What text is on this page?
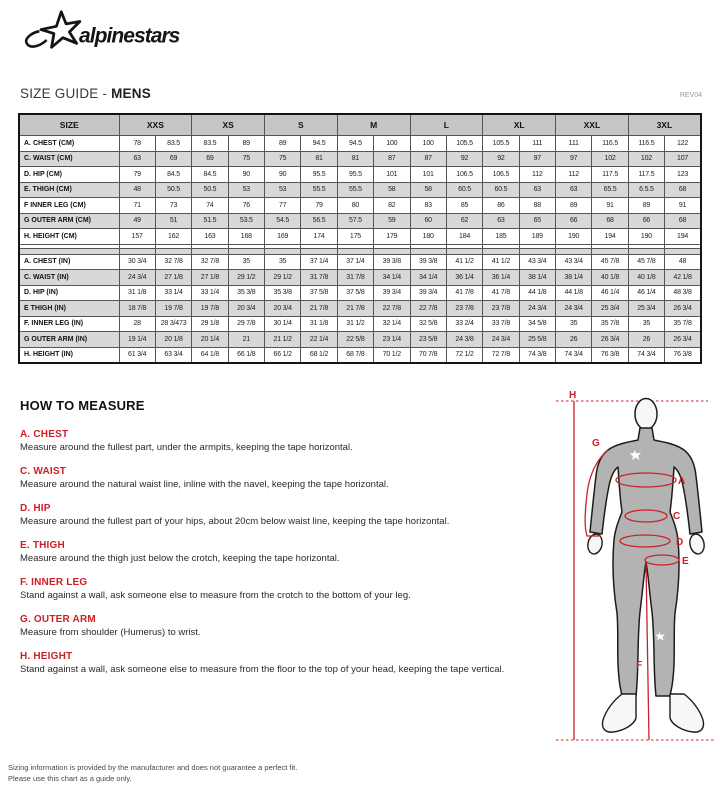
alpinestars
SIZE GUIDE - MENS	REV04
SIZE	XXS		XS		S		M		L		XL		XXL		3XL	
A. CHEST (CM)	78	83.5	83.5	89	89	94.5	94.5	100	100	105.5	105.5	111	111	116.5	116.5	122
C. WAIST (CM)	63	69	69	75	75	81	81	87	87	92	92	97	97	102	102	107
D. HIP (CM)	79	84.5	84.5	90	90	95.5	95.5	101	101	106.5	106.5	112	112	117.5	117.5	123
E. THIGH (CM)	48	50.5	50.5	53	53	55.5	55.5	58	58	60.5	60.5	63	63	65.5	6.5.5	68
F INNER LEG (CM)	71	73	74	76	77	79	80	82	83	85	86	88	89	91	89	91
G OUTER ARM (CM)	49	51	51.5	53.5	54.5	56.5	57.5	59	60	62	63	65	66	68	66	68
H. HEIGHT (CM)	157	162	163	168	169	174	175	179	180	184	185	189	190	194	190	194

A. CHEST (IN)	30 3/4	32 7/8	32 7/8	35	35	37 1/4	37 1/4	39 3/8	39 3/8	41 1/2	41 1/2	43 3/4	43 3/4	45 7/8	45 7/8	48
C. WAIST (IN)	24 3/4	27 1/8	27 1/8	29 1/2	29 1/2	31 7/8	31 7/8	34 1/4	34 1/4	36 1/4	36 1/4	38 1/4	38 1/4	40 1/8	40 1/8	42 1/8
D. HIP (IN)	31 1/8	33 1/4	33 1/4	35 3/8	35 3/8	37 5/8	37 5/8	39 3/4	39 3/4	41 7/8	41 7/8	44 1/8	44 1/8	46 1/4	46 1/4	48 3/8
E THIGH (IN)	18 7/8	19 7/8	19 7/8	20 3/4	20 3/4	21 7/8	21 7/8	22 7/8	22 7/8	23 7/8	23 7/8	24 3/4	24 3/4	25 3/4	25 3/4	26 3/4
F. INNER LEG (IN)	28	28 3/473	29 1/8	29 7/8	30 1/4	31 1/8	31 1/2	32 1/4	32 5/8	33 2/4	33 7/8	34 5/8	35	35 7/8	35	35 7/8
G OUTER ARM (IN)	19 1/4	20 1/8	20 1/4	21	21 1/2	22 1/4	22 5/8	23 1/4	23 5/8	24 3/8	24 3/4	25 5/8	26	26 3/4	26	26 3/4
H. HEIGHT (IN)	61 3/4	63 3/4	64 1/8	66 1/8	66 1/2	68 1/2	68 7/8	70 1/2	70 7/8	72 1/2	72 7/8	74 3/8	74 3/4	76 3/8	74 3/4	76 3/8
HOW TO MEASURE
A. CHEST

Measure around the fullest part, under the armpits, keeping the tape horizontal.

C. WAIST

Measure around the natural waist line, inline with the navel, keeping the tape horizontal.

D. HIP

Measure around the fullest part of your hips, about 20cm below waist line, keeping the tape horizontal.

E. THIGH

Measure around the thigh just below the crotch, keeping the tape horizontal.

F. INNER LEG

Stand against a wall, ask someone else to measure from the crotch to the bottom of your leg.

G. OUTER ARM

Measure from shoulder (Humerus) to wrist.

H. HEIGHT

Stand against a wall, ask someone else to measure from the floor to the top of your head, keeping the tape vertical.

H
G
A
C
D
E
F
Sizing information is provided by the manufacturer and does not guarantee a perfect fit.
Please use this chart as a guide only.
